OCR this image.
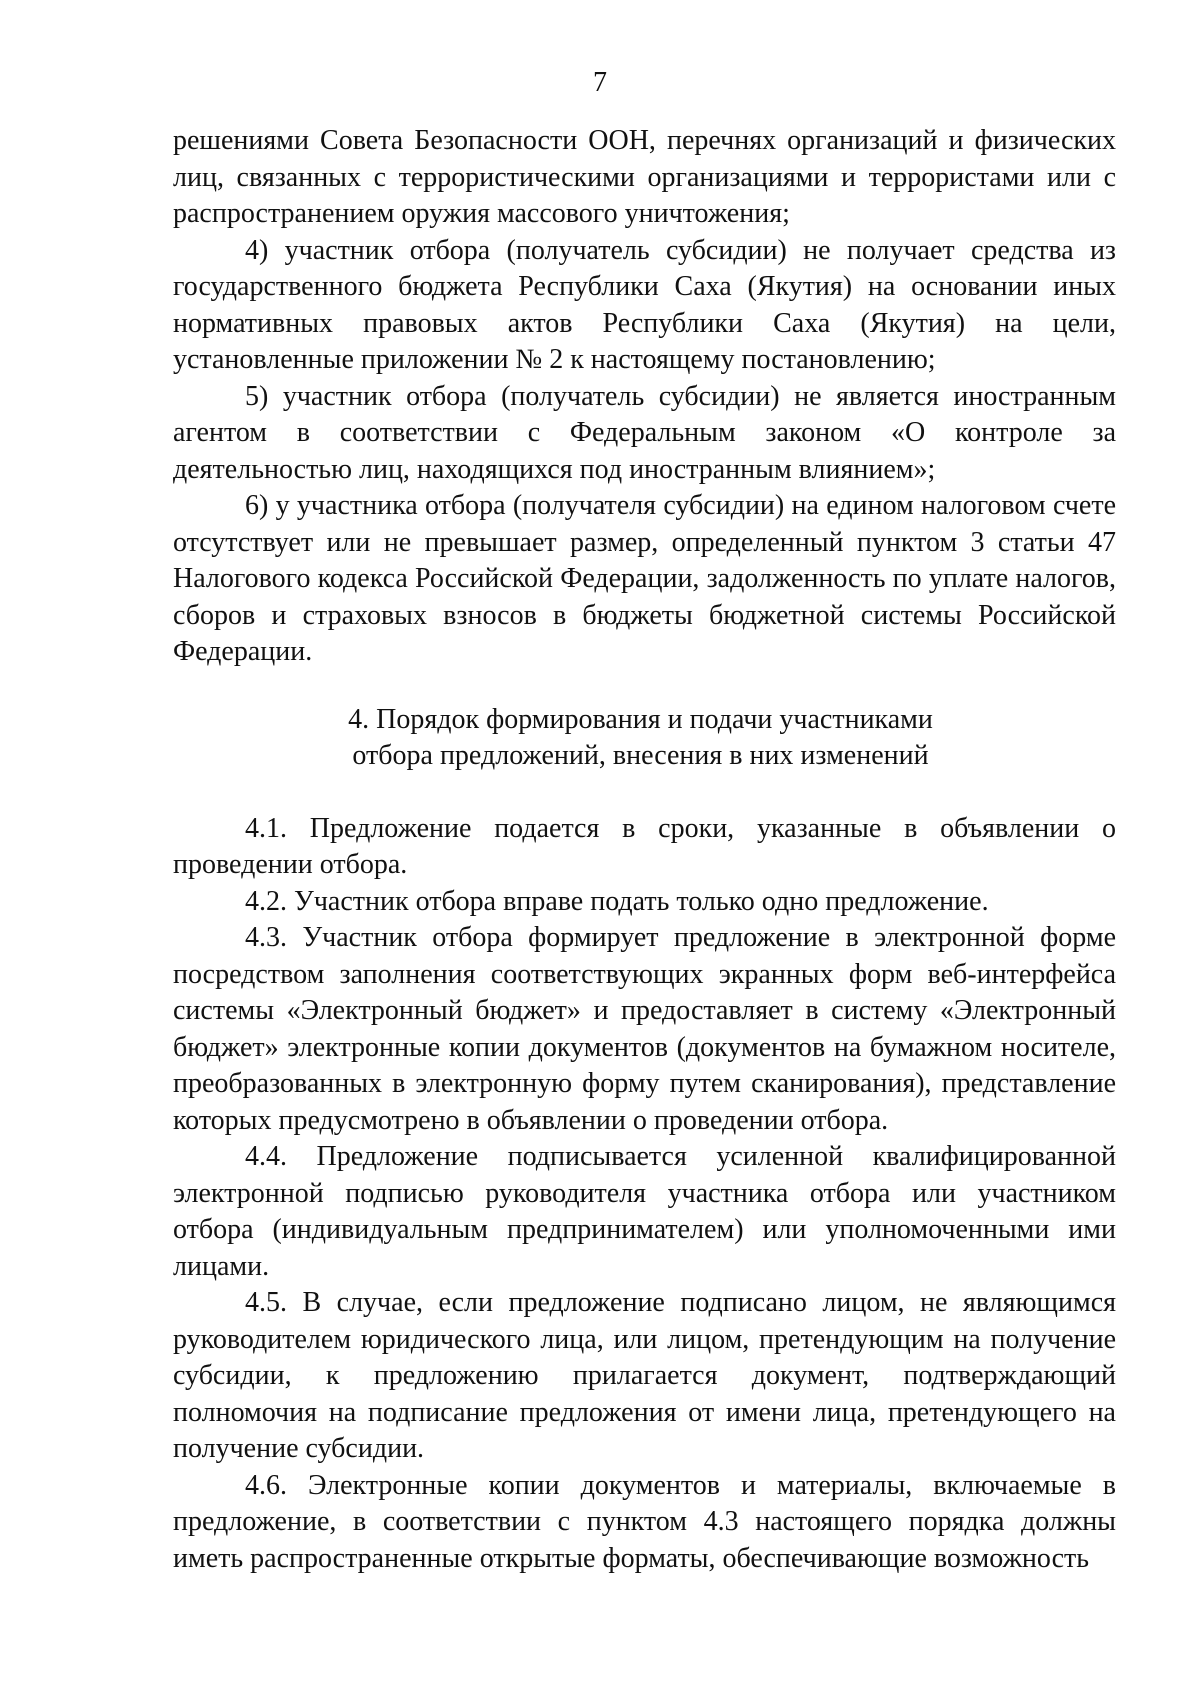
7

решениями Совета Безопасности ООН, перечнях организаций и физических лиц, связанных с террористическими организациями и террористами или с распространением оружия массового уничтожения;

4) участник отбора (получатель субсидии) не получает средства из государственного бюджета Республики Саха (Якутия) на основании иных нормативных правовых актов Республики Саха (Якутия) на цели, установленные приложении № 2 к настоящему постановлению;

5) участник отбора (получатель субсидии) не является иностранным агентом в соответствии с Федеральным законом «О контроле за деятельностью лиц, находящихся под иностранным влиянием»;

6) у участника отбора (получателя субсидии) на едином налоговом счете отсутствует или не превышает размер, определенный пунктом 3 статьи 47 Налогового кодекса Российской Федерации, задолженность по уплате налогов, сборов и страховых взносов в бюджеты бюджетной системы Российской Федерации.

4. Порядок формирования и подачи участниками
отбора предложений, внесения в них изменений

4.1. Предложение подается в сроки, указанные в объявлении о проведении отбора.

4.2. Участник отбора вправе подать только одно предложение.

4.3. Участник отбора формирует предложение в электронной форме посредством заполнения соответствующих экранных форм веб-интерфейса системы «Электронный бюджет» и предоставляет в систему «Электронный бюджет» электронные копии документов (документов на бумажном носителе, преобразованных в электронную форму путем сканирования), представление которых предусмотрено в объявлении о проведении отбора.

4.4. Предложение подписывается усиленной квалифицированной электронной подписью руководителя участника отбора или участником отбора (индивидуальным предпринимателем) или уполномоченными ими лицами.

4.5. В случае, если предложение подписано лицом, не являющимся руководителем юридического лица, или лицом, претендующим на получение субсидии, к предложению прилагается документ, подтверждающий полномочия на подписание предложения от имени лица, претендующего на получение субсидии.

4.6. Электронные копии документов и материалы, включаемые в предложение, в соответствии с пунктом 4.3 настоящего порядка должны иметь распространенные открытые форматы, обеспечивающие возможность
